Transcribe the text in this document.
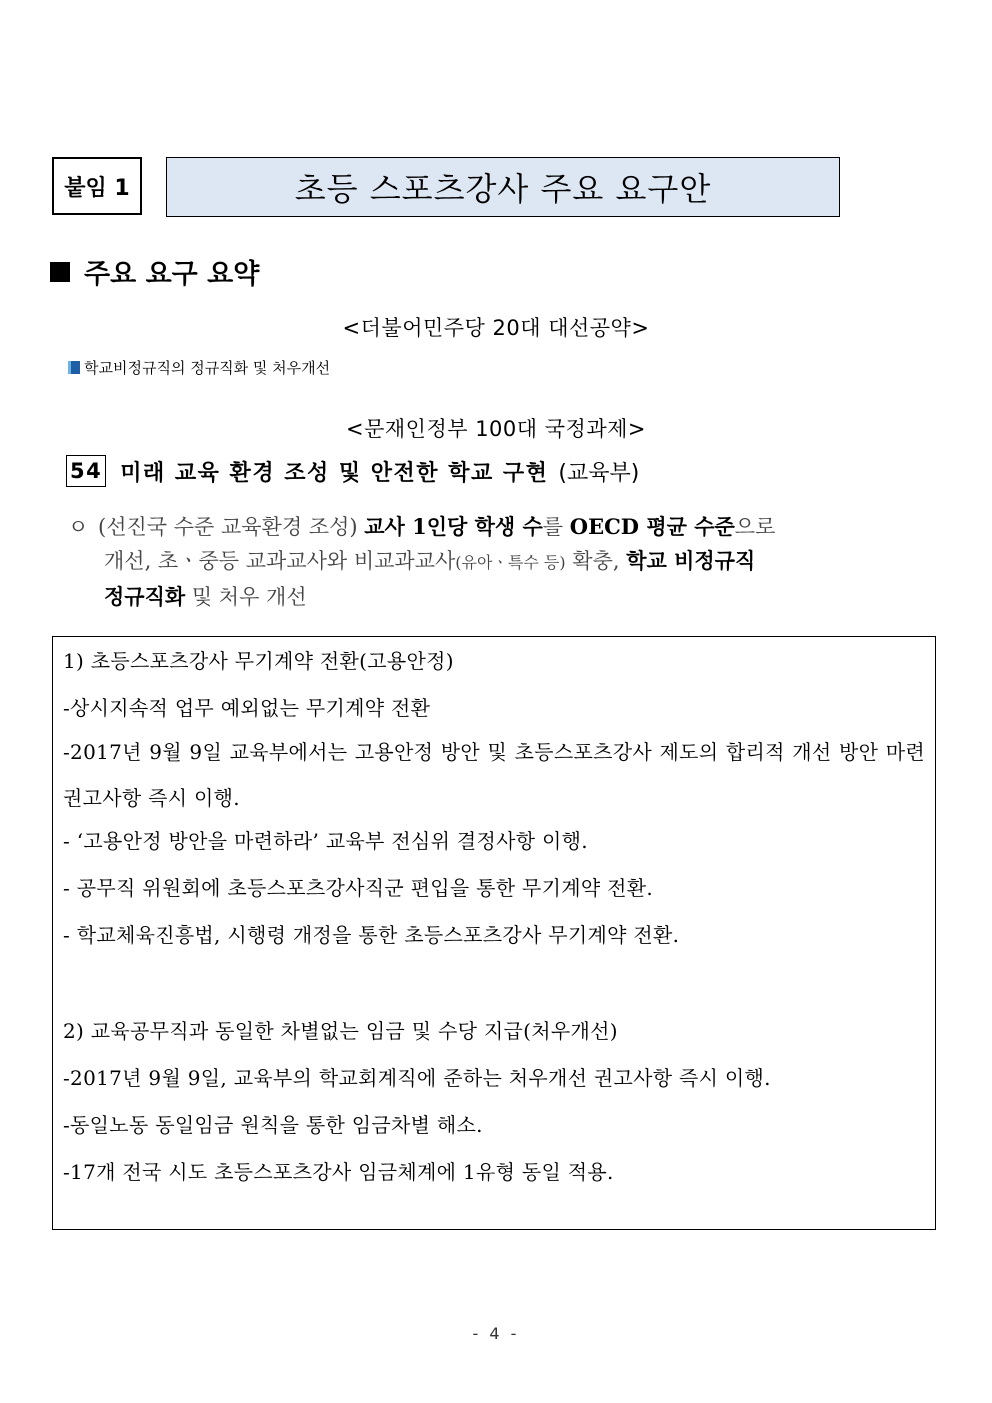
붙임 1	초등 스포츠강사 주요 요구안
주요 요구 요약
<더불어민주당 20대 대선공약>
학교비정규직의 정규직화 및 처우개선
<문재인정부 100대 국정과제>
54 미래 교육 환경 조성 및 안전한 학교 구현 (교육부)
ㅇ (선진국 수준 교육환경 조성) 교사 1인당 학생 수를 OECD 평균 수준으로
개선, 초ㆍ중등 교과교사와 비교과교사(유아ㆍ특수 등) 확충, 학교 비정규직
정규직화 및 처우 개선
1) 초등스포츠강사 무기계약 전환(고용안정)
-상시지속적 업무 예외없는 무기계약 전환
-2017년 9월 9일 교육부에서는 고용안정 방안 및 초등스포츠강사 제도의 합리적 개선 방안 마련 권고사항 즉시 이행.
- ‘고용안정 방안을 마련하라’ 교육부 전심위 결정사항 이행.
- 공무직 위원회에 초등스포츠강사직군 편입을 통한 무기계약 전환.
- 학교체육진흥법, 시행령 개정을 통한 초등스포츠강사 무기계약 전환.
2) 교육공무직과 동일한 차별없는 임금 및 수당 지급(처우개선)
-2017년 9월 9일, 교육부의 학교회계직에 준하는 처우개선 권고사항 즉시 이행.
-동일노동 동일임금 원칙을 통한 임금차별 해소.
-17개 전국 시도 초등스포츠강사 임금체계에 1유형 동일 적용.
- 4 -
